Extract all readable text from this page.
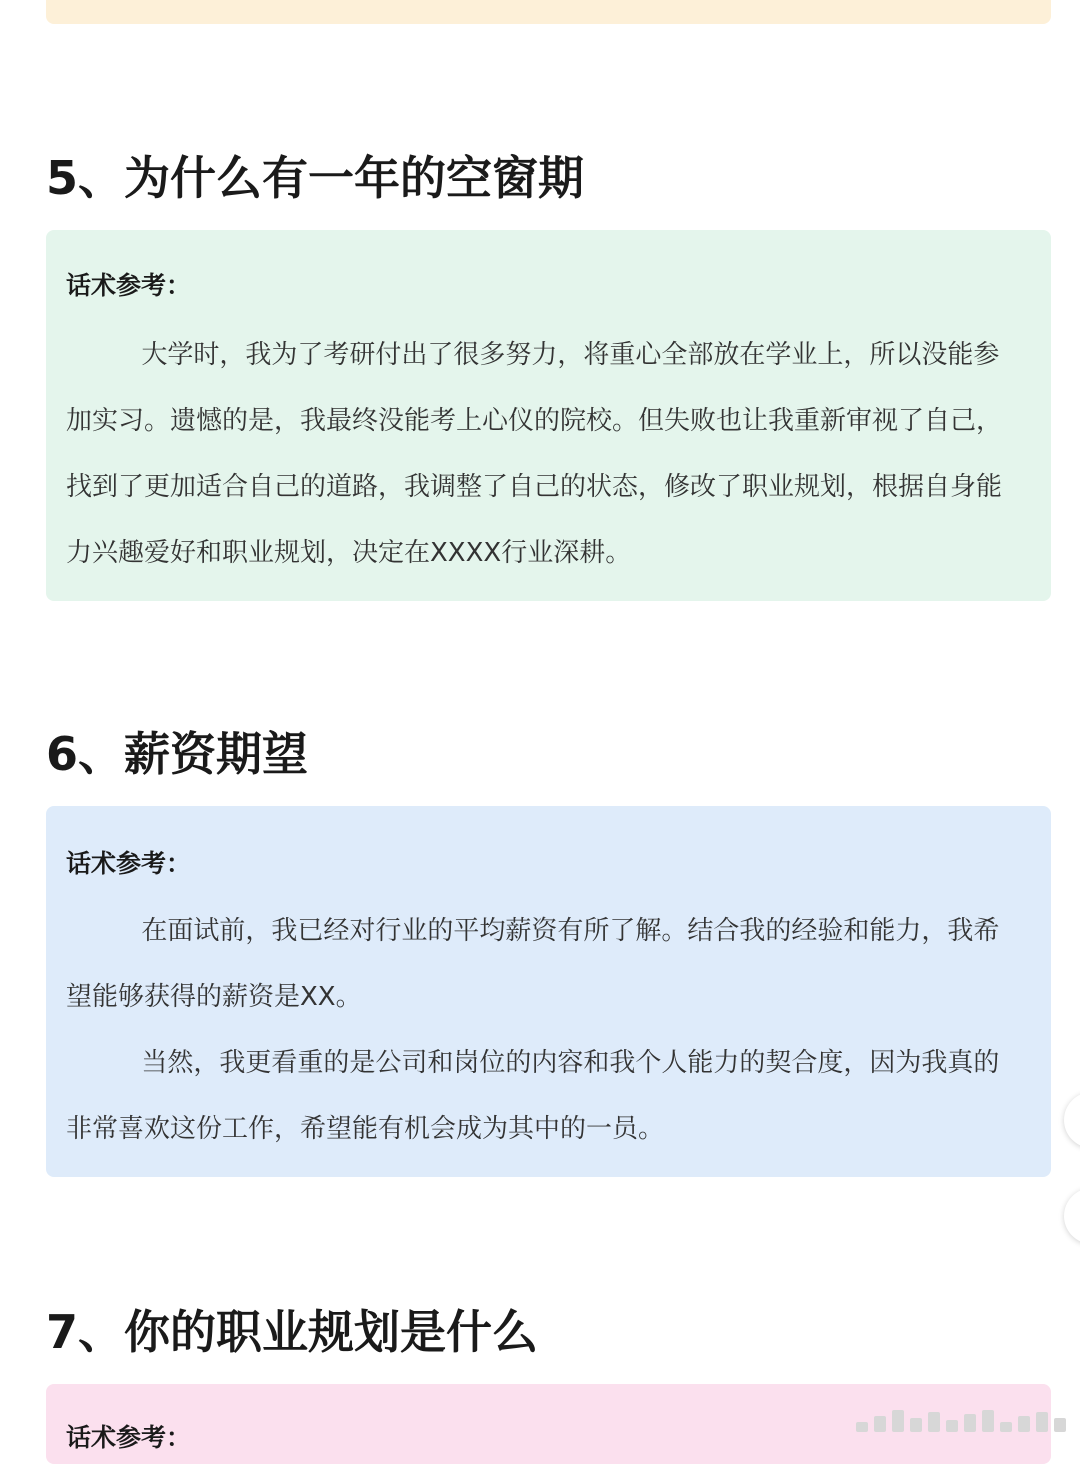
5、为什么有一年的空窗期
话术参考：

大学时，我为了考研付出了很多努力，将重心全部放在学业上，所以没能参加实习。遗憾的是，我最终没能考上心仪的院校。但失败也让我重新审视了自己，找到了更加适合自己的道路，我调整了自己的状态，修改了职业规划，根据自身能力兴趣爱好和职业规划，决定在XXXX行业深耕。

6、薪资期望
话术参考：

在面试前，我已经对行业的平均薪资有所了解。结合我的经验和能力，我希望能够获得的薪资是XX。

当然，我更看重的是公司和岗位的内容和我个人能力的契合度，因为我真的非常喜欢这份工作，希望能有机会成为其中的一员。

7、你的职业规划是什么
话术参考：
